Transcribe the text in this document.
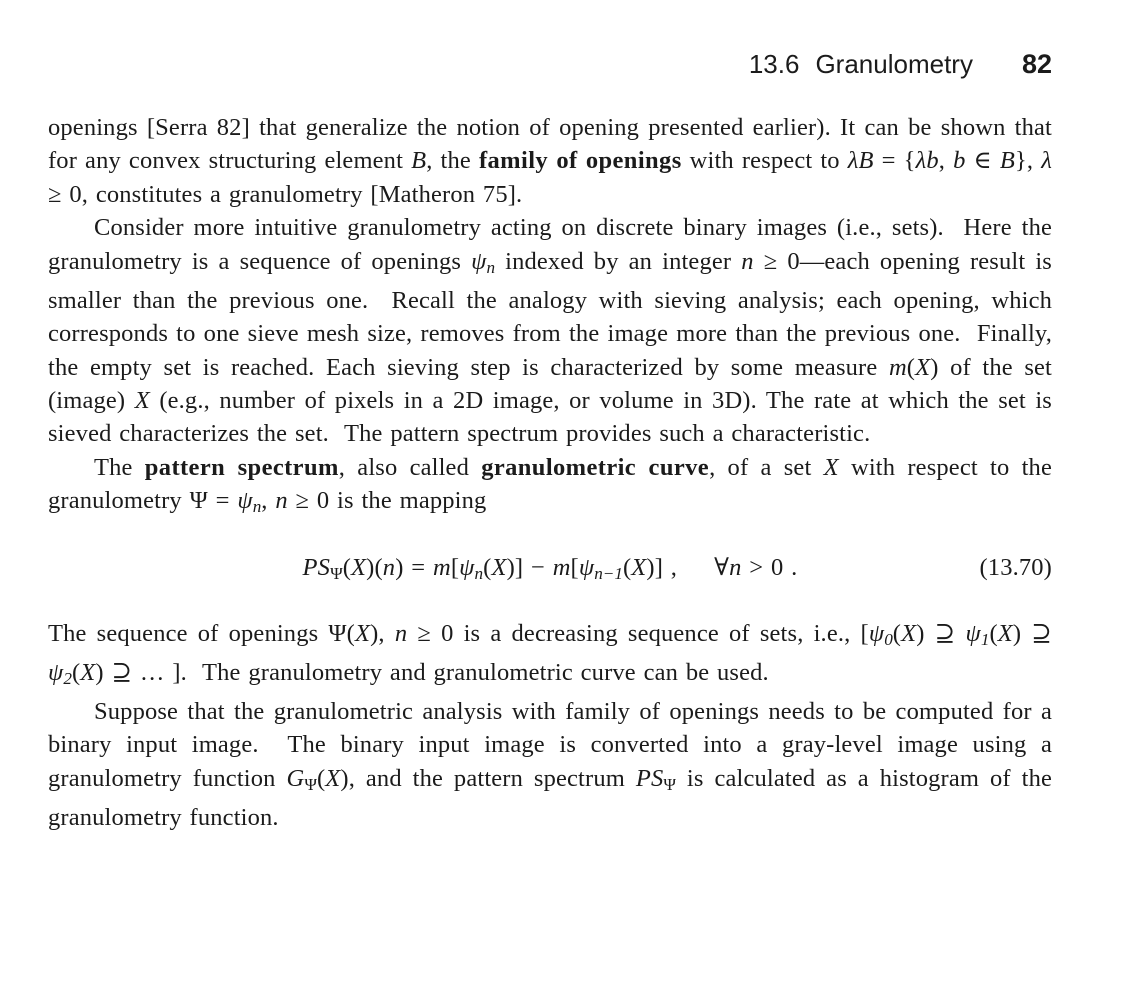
13.6 Granulometry 82

openings [Serra 82] that generalize the notion of opening presented earlier). It can be shown that for any convex structuring element B, the family of openings with respect to λB = {λb, b ∈ B}, λ ≥ 0, constitutes a granulometry [Matheron 75].

Consider more intuitive granulometry acting on discrete binary images (i.e., sets).  Here the granulometry is a sequence of openings ψn indexed by an integer n ≥ 0—each opening result is smaller than the previous one.  Recall the analogy with sieving analysis; each opening, which corresponds to one sieve mesh size, removes from the image more than the previous one.  Finally, the empty set is reached. Each sieving step is characterized by some measure m(X) of the set (image) X (e.g., number of pixels in a 2D image, or volume in 3D). The rate at which the set is sieved characterizes the set.  The pattern spectrum provides such a characteristic.

The pattern spectrum, also called granulometric curve, of a set X with respect to the granulometry Ψ = ψn, n ≥ 0 is the mapping

PSΨ(X)(n) = m[ψn(X)] − m[ψn−1(X)] ,  ∀n > 0 .	(13.70)

The sequence of openings Ψ(X), n ≥ 0 is a decreasing sequence of sets, i.e., [ψ0(X) ⊇ ψ1(X) ⊇ ψ2(X) ⊇ … ].  The granulometry and granulometric curve can be used.

Suppose that the granulometric analysis with family of openings needs to be computed for a binary input image.  The binary input image is converted into a gray-level image using a granulometry function GΨ(X), and the pattern spectrum PSΨ is calculated as a histogram of the granulometry function.
